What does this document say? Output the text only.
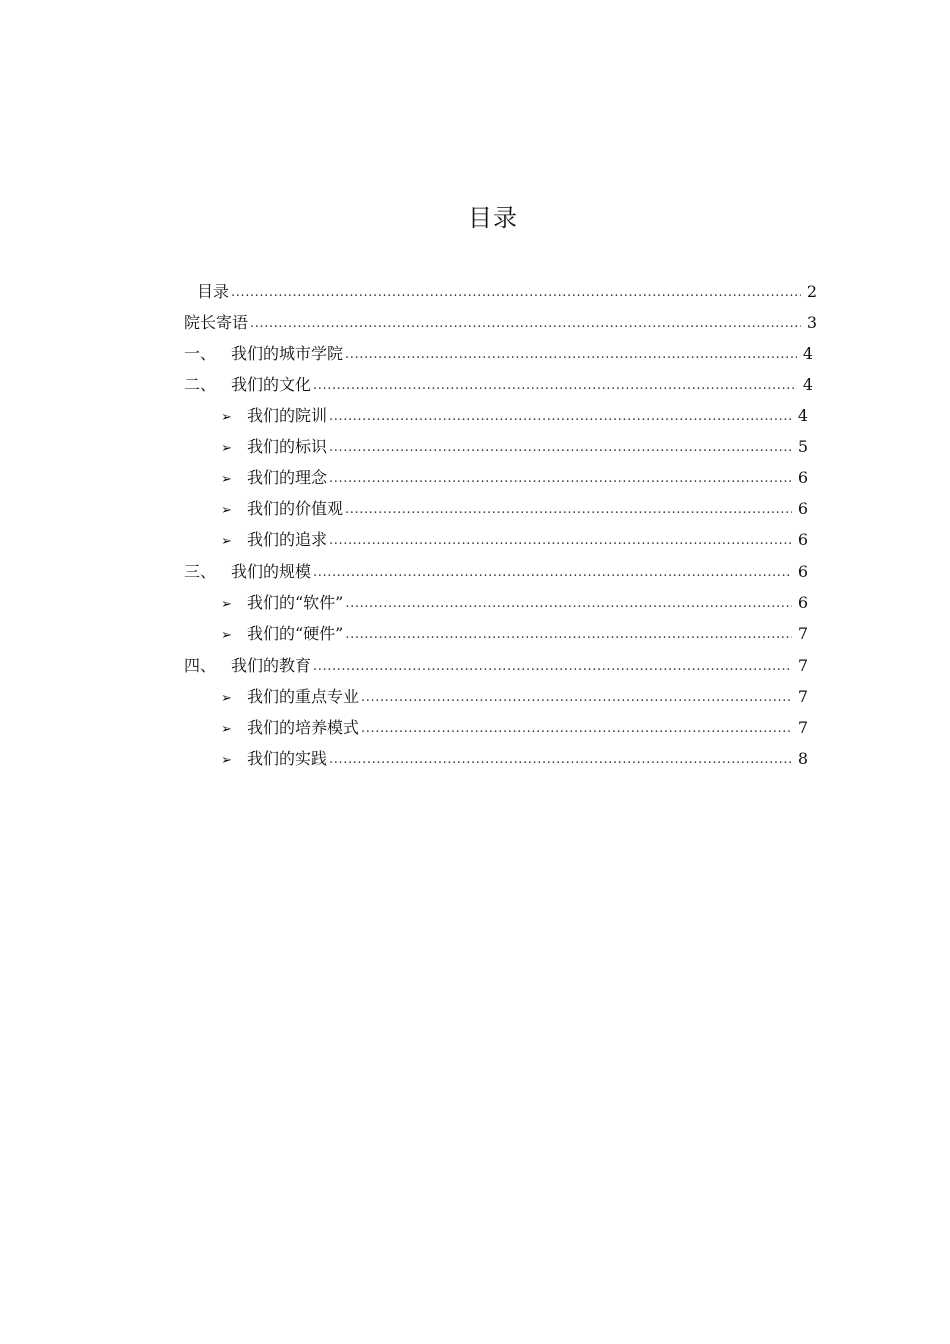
目录
目录 .....	2
院长寄语 .....	3
一、 我们的城市学院 .....	4
二、 我们的文化 .....	4
➢ 我们的院训 .....	4
➢ 我们的标识 .....	5
➢ 我们的理念 .....	6
➢ 我们的价值观 .....	6
➢ 我们的追求 .....	6
三、 我们的规模 .....	6
➢ 我们的“软件” .....	6
➢ 我们的“硬件” .....	7
四、 我们的教育 .....	7
➢ 我们的重点专业 .....	7
➢ 我们的培养模式 .....	7
➢ 我们的实践 .....	8
